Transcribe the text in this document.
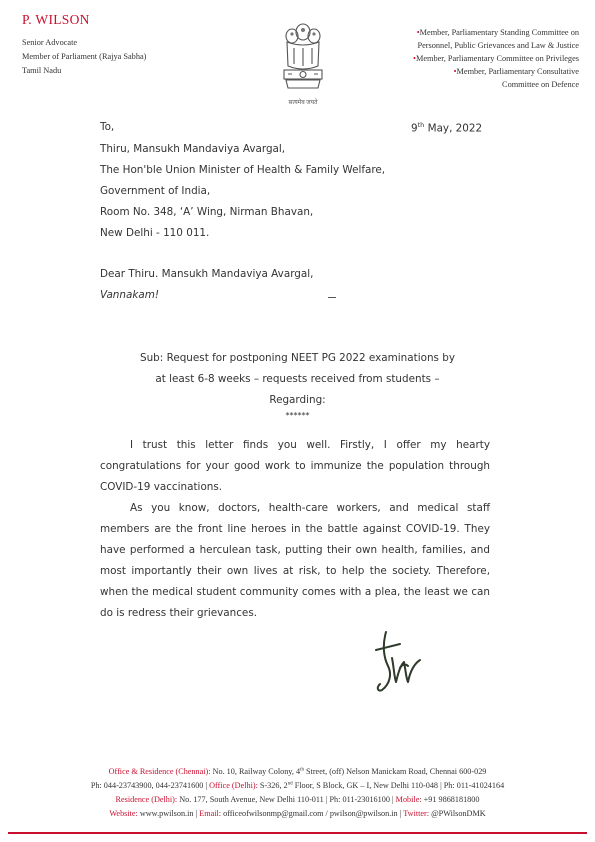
P. WILSON
Senior Advocate
Member of Parliament (Rajya Sabha)
Tamil Nadu
सत्यमेव जयते
•Member, Parliamentary Standing Committee on
Personnel, Public Grievances and Law & Justice
•Member, Parliamentary Committee on Privileges
•Member, Parliamentary Consultative
Committee on Defence
To,	9th May, 2022
Thiru, Mansukh Mandaviya Avargal,
The Hon'ble Union Minister of Health & Family Welfare,
Government of India,
Room No. 348, ‘A’ Wing, Nirman Bhavan,
New Delhi - 110 011.
Dear Thiru. Mansukh Mandaviya Avargal,
Vannakam!
Sub: Request for postponing NEET PG 2022 examinations by
at least 6-8 weeks – requests received from students –
Regarding:
******
I trust this letter finds you well. Firstly, I offer my hearty congratulations for your good work to immunize the population through COVID-19 vaccinations.
As you know, doctors, health-care workers, and medical staff members are the front line heroes in the battle against COVID-19. They have performed a herculean task, putting their own health, families, and most importantly their own lives at risk, to help the society. Therefore, when the medical student community comes with a plea, the least we can do is redress their grievances.
Office & Residence (Chennai): No. 10, Railway Colony, 4th Street, (off) Nelson Manickam Road, Chennai 600-029
Ph: 044-23743900, 044-23741600 | Office (Delhi): S-326, 2nd Floor, S Block, GK – I, New Delhi 110-048 | Ph: 011-41024164
Residence (Delhi): No. 177, South Avenue, New Delhi 110-011 | Ph: 011-23016100 | Mobile: +91 9868181800
Website: www.pwilson.in | Email: officeofwilsonmp@gmail.com / pwilson@pwilson.in | Twitter: @PWilsonDMK
